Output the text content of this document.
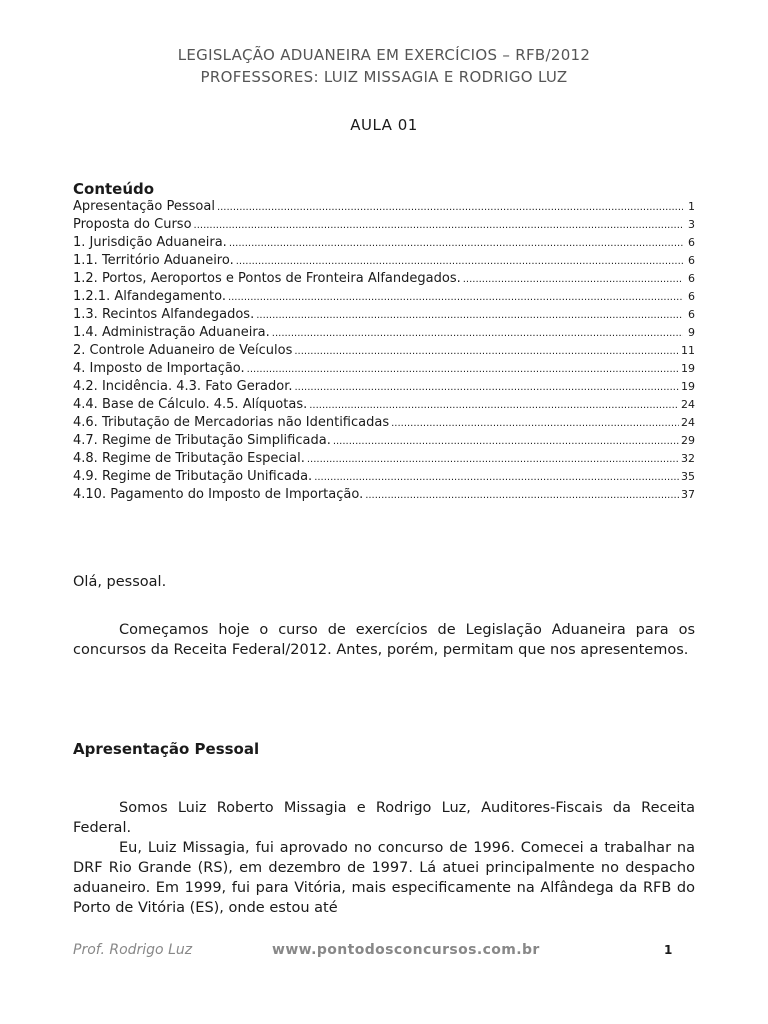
LEGISLAÇÃO ADUANEIRA EM EXERCÍCIOS – RFB/2012
PROFESSORES: LUIZ MISSAGIA E RODRIGO LUZ
AULA 01
Conteúdo
Apresentação Pessoal .....	1
Proposta do Curso .....	3
1. Jurisdição Aduaneira. .....	6
1.1. Território Aduaneiro. .....	6
1.2. Portos, Aeroportos e Pontos de Fronteira Alfandegados. .....	6
1.2.1. Alfandegamento. .....	6
1.3. Recintos Alfandegados. .....	6
1.4. Administração Aduaneira. .....	9
2. Controle Aduaneiro de Veículos .....	11
4. Imposto de Importação. .....	19
4.2. Incidência. 4.3. Fato Gerador. .....	19
4.4. Base de Cálculo. 4.5. Alíquotas. .....	24
4.6. Tributação de Mercadorias não Identificadas .....	24
4.7. Regime de Tributação Simplificada. .....	29
4.8. Regime de Tributação Especial. .....	32
4.9. Regime de Tributação Unificada. .....	35
4.10. Pagamento do Imposto de Importação. .....	37
Olá, pessoal.
Começamos hoje o curso de exercícios de Legislação Aduaneira para os concursos da Receita Federal/2012. Antes, porém, permitam que nos apresentemos.
Apresentação Pessoal
Somos Luiz Roberto Missagia e Rodrigo Luz, Auditores-Fiscais da Receita Federal.
Eu, Luiz Missagia, fui aprovado no concurso de 1996. Comecei a trabalhar na DRF Rio Grande (RS), em dezembro de 1997. Lá atuei principalmente no despacho aduaneiro. Em 1999, fui para Vitória, mais especificamente na Alfândega da RFB do Porto de Vitória (ES), onde estou até
Prof. Rodrigo Luz	www.pontodosconcursos.com.br	1
